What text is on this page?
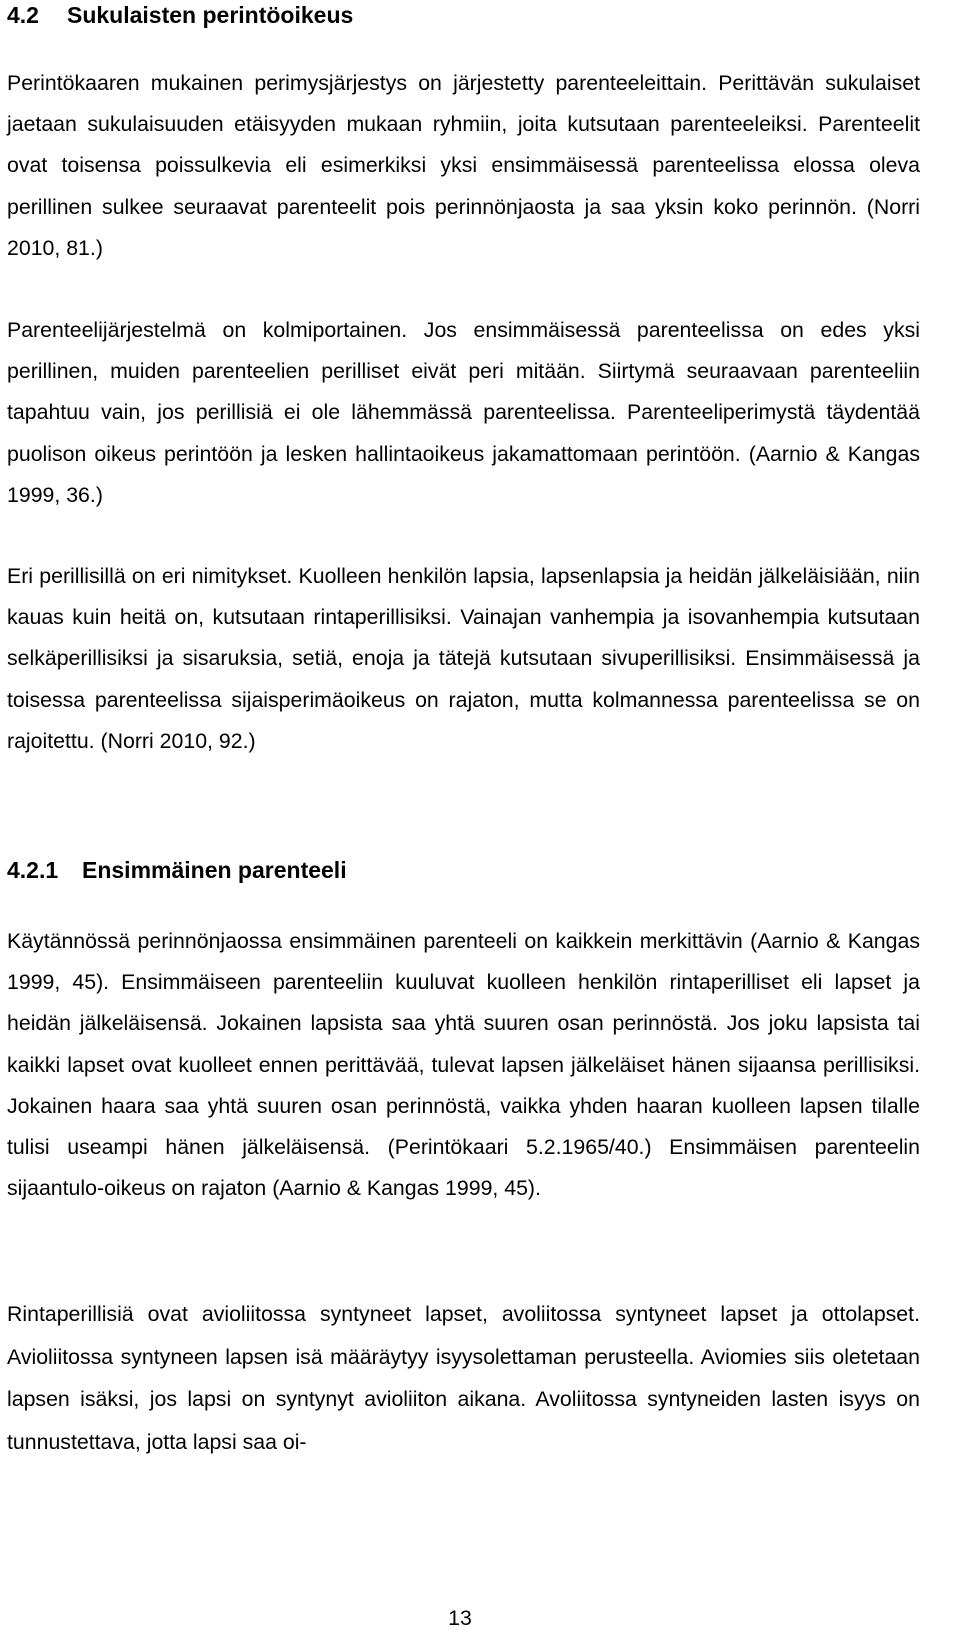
4.2 Sukulaisten perintöoikeus

Perintökaaren mukainen perimysjärjestys on järjestetty parenteeleittain. Perittävän sukulaiset jaetaan sukulaisuuden etäisyyden mukaan ryhmiin, joita kutsutaan parenteeleiksi. Parenteelit ovat toisensa poissulkevia eli esimerkiksi yksi ensimmäisessä parenteelissa elossa oleva perillinen sulkee seuraavat parenteelit pois perinnönjaosta ja saa yksin koko perinnön. (Norri 2010, 81.)

Parenteelijärjestelmä on kolmiportainen. Jos ensimmäisessä parenteelissa on edes yksi perillinen, muiden parenteelien perilliset eivät peri mitään. Siirtymä seuraavaan parenteeliin tapahtuu vain, jos perillisiä ei ole lähemmässä parenteelissa. Parenteeliperimystä täydentää puolison oikeus perintöön ja lesken hallintaoikeus jakamattomaan perintöön. (Aarnio & Kangas 1999, 36.)

Eri perillisillä on eri nimitykset. Kuolleen henkilön lapsia, lapsenlapsia ja heidän jälkeläisiään, niin kauas kuin heitä on, kutsutaan rintaperillisiksi. Vainajan vanhempia ja isovanhempia kutsutaan selkäperillisiksi ja sisaruksia, setiä, enoja ja tätejä kutsutaan sivuperillisiksi. Ensimmäisessä ja toisessa parenteelissa sijaisperimäoikeus on rajaton, mutta kolmannessa parenteelissa se on rajoitettu. (Norri 2010, 92.)

4.2.1 Ensimmäinen parenteeli

Käytännössä perinnönjaossa ensimmäinen parenteeli on kaikkein merkittävin (Aarnio & Kangas 1999, 45). Ensimmäiseen parenteeliin kuuluvat kuolleen henkilön rintaperilliset eli lapset ja heidän jälkeläisensä. Jokainen lapsista saa yhtä suuren osan perinnöstä. Jos joku lapsista tai kaikki lapset ovat kuolleet ennen perittävää, tulevat lapsen jälkeläiset hänen sijaansa perillisiksi. Jokainen haara saa yhtä suuren osan perinnöstä, vaikka yhden haaran kuolleen lapsen tilalle tulisi useampi hänen jälkeläisensä. (Perintökaari 5.2.1965/40.) Ensimmäisen parenteelin sijaantulo-oikeus on rajaton (Aarnio & Kangas 1999, 45).

Rintaperillisiä ovat avioliitossa syntyneet lapset, avoliitossa syntyneet lapset ja ottolapset. Avioliitossa syntyneen lapsen isä määräytyy isyysolettaman perusteella. Aviomies siis oletetaan lapsen isäksi, jos lapsi on syntynyt avioliiton aikana. Avoliitossa syntyneiden lasten isyys on tunnustettava, jotta lapsi saa oi-

13
